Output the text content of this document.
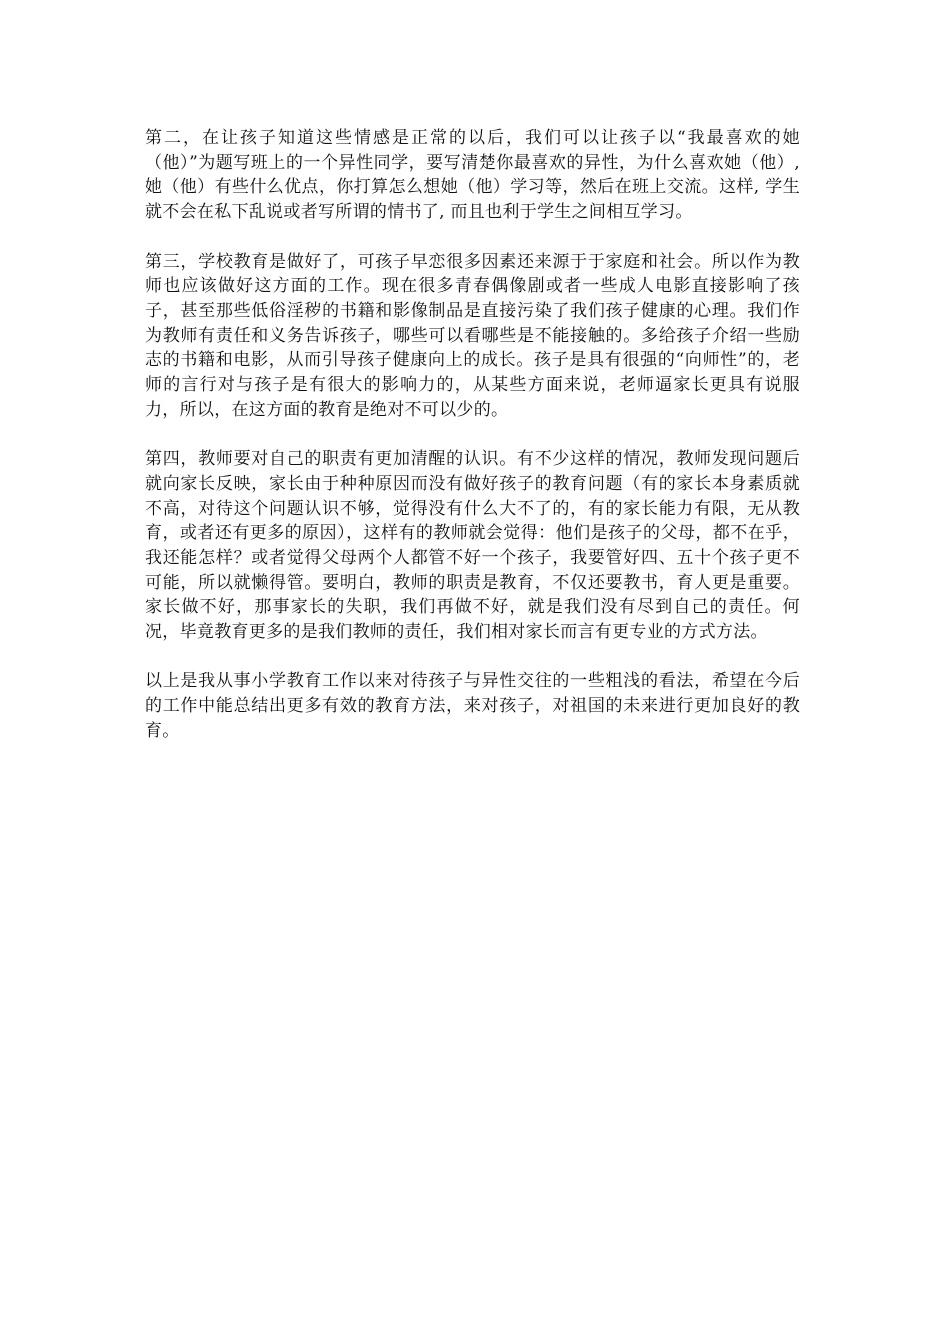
第二，在让孩子知道这些情感是正常的以后，我们可以让孩子以“我最喜欢的她（他）”为题写班上的一个异性同学，要写清楚你最喜欢的异性，为什么喜欢她（他）, 她（他）有些什么优点，你打算怎么想她（他）学习等，然后在班上交流。这样, 学生就不会在私下乱说或者写所谓的情书了, 而且也利于学生之间相互学习。

第三，学校教育是做好了，可孩子早恋很多因素还来源于于家庭和社会。所以作为教师也应该做好这方面的工作。现在很多青春偶像剧或者一些成人电影直接影响了孩子，甚至那些低俗淫秽的书籍和影像制品是直接污染了我们孩子健康的心理。我们作为教师有责任和义务告诉孩子，哪些可以看哪些是不能接触的。多给孩子介绍一些励志的书籍和电影，从而引导孩子健康向上的成长。孩子是具有很强的“向师性”的，老师的言行对与孩子是有很大的影响力的，从某些方面来说，老师逼家长更具有说服力，所以，在这方面的教育是绝对不可以少的。

第四，教师要对自己的职责有更加清醒的认识。有不少这样的情况，教师发现问题后就向家长反映，家长由于种种原因而没有做好孩子的教育问题（有的家长本身素质就不高，对待这个问题认识不够，觉得没有什么大不了的，有的家长能力有限，无从教育，或者还有更多的原因），这样有的教师就会觉得：他们是孩子的父母，都不在乎，我还能怎样？或者觉得父母两个人都管不好一个孩子，我要管好四、五十个孩子更不可能，所以就懒得管。要明白，教师的职责是教育，不仅还要教书，育人更是重要。家长做不好，那事家长的失职，我们再做不好，就是我们没有尽到自己的责任。何况，毕竟教育更多的是我们教师的责任，我们相对家长而言有更专业的方式方法。

以上是我从事小学教育工作以来对待孩子与异性交往的一些粗浅的看法，希望在今后的工作中能总结出更多有效的教育方法，来对孩子，对祖国的未来进行更加良好的教育。
